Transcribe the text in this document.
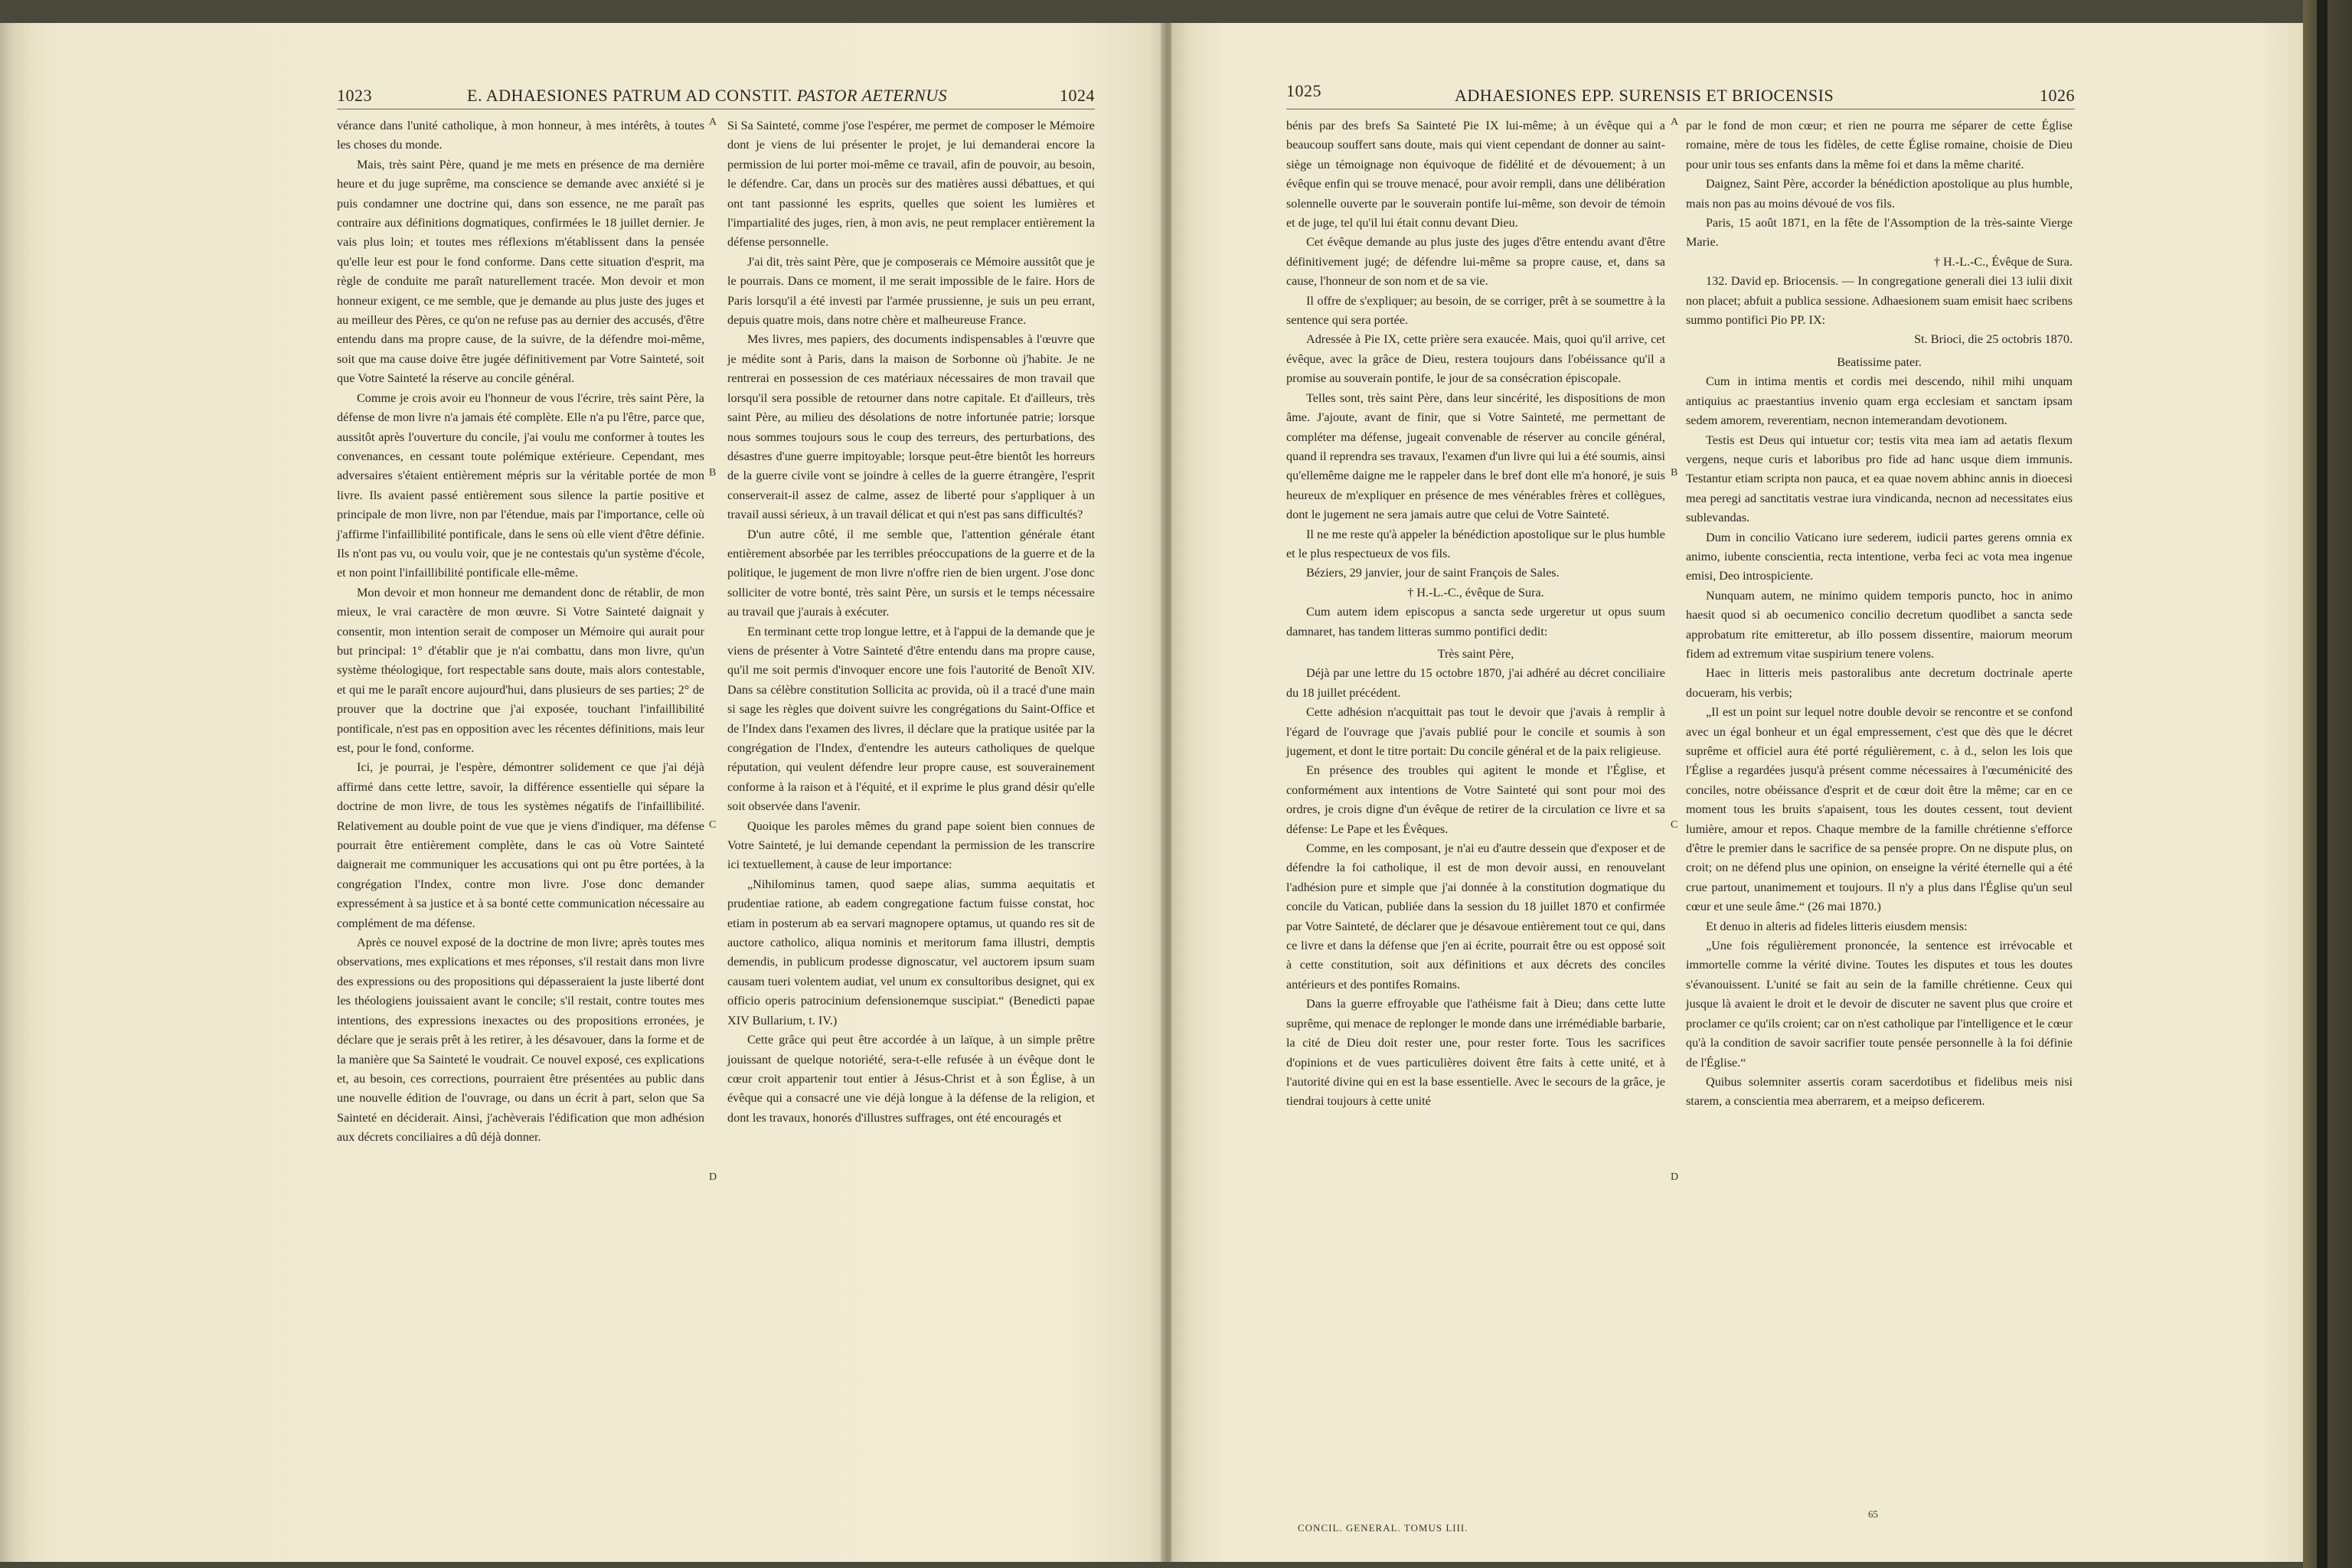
1023	E. ADHAESIONES PATRUM AD CONSTIT. PASTOR AETERNUS	1024

vérance dans l'unité catholique, à mon honneur, à mes intérêts, à toutes les choses du monde.

Mais, très saint Père, quand je me mets en présence de ma dernière heure et du juge suprême, ma conscience se demande avec anxiété si je puis condamner une doctrine qui, dans son essence, ne me paraît pas contraire aux définitions dogmatiques, confirmées le 18 juillet dernier. Je vais plus loin; et toutes mes réflexions m'établissent dans la pensée qu'elle leur est pour le fond conforme. Dans cette situation d'esprit, ma règle de conduite me paraît naturellement tracée. Mon devoir et mon honneur exigent, ce me semble, que je demande au plus juste des juges et au meilleur des Pères, ce qu'on ne refuse pas au dernier des accusés, d'être entendu dans ma propre cause, de la suivre, de la défendre moi-même, soit que ma cause doive être jugée définitivement par Votre Sainteté, soit que Votre Sainteté la réserve au concile général.

Comme je crois avoir eu l'honneur de vous l'écrire, très saint Père, la défense de mon livre n'a jamais été complète. Elle n'a pu l'être, parce que, aussitôt après l'ouverture du concile, j'ai voulu me conformer à toutes les convenances, en cessant toute polémique extérieure. Cependant, mes adversaires s'étaient entièrement mépris sur la véritable portée de mon livre. Ils avaient passé entièrement sous silence la partie positive et principale de mon livre, non par l'étendue, mais par l'importance, celle où j'affirme l'infaillibilité pontificale, dans le sens où elle vient d'être définie. Ils n'ont pas vu, ou voulu voir, que je ne contestais qu'un système d'école, et non point l'infaillibilité pontificale elle-même.

Mon devoir et mon honneur me demandent donc de rétablir, de mon mieux, le vrai caractère de mon œuvre. Si Votre Sainteté daignait y consentir, mon intention serait de composer un Mémoire qui aurait pour but principal: 1° d'établir que je n'ai combattu, dans mon livre, qu'un système théologique, fort respectable sans doute, mais alors contestable, et qui me le paraît encore aujourd'hui, dans plusieurs de ses parties; 2° de prouver que la doctrine que j'ai exposée, touchant l'infaillibilité pontificale, n'est pas en opposition avec les récentes définitions, mais leur est, pour le fond, conforme.

Ici, je pourrai, je l'espère, démontrer solidement ce que j'ai déjà affirmé dans cette lettre, savoir, la différence essentielle qui sépare la doctrine de mon livre, de tous les systèmes négatifs de l'infaillibilité. Relativement au double point de vue que je viens d'indiquer, ma défense pourrait être entièrement complète, dans le cas où Votre Sainteté daignerait me communiquer les accusations qui ont pu être portées, à la congrégation l'Index, contre mon livre. J'ose donc demander expressément à sa justice et à sa bonté cette communication nécessaire au complément de ma défense.

Après ce nouvel exposé de la doctrine de mon livre; après toutes mes observations, mes explications et mes réponses, s'il restait dans mon livre des expressions ou des propositions qui dépasseraient la juste liberté dont les théologiens jouissaient avant le concile; s'il restait, contre toutes mes intentions, des expressions inexactes ou des propositions erronées, je déclare que je serais prêt à les retirer, à les désavouer, dans la forme et de la manière que Sa Sainteté le voudrait. Ce nouvel exposé, ces explications et, au besoin, ces corrections, pourraient être présentées au public dans une nouvelle édition de l'ouvrage, ou dans un écrit à part, selon que Sa Sainteté en déciderait. Ainsi, j'achèverais l'édification que mon adhésion aux décrets conciliaires a dû déjà donner.

Si Sa Sainteté, comme j'ose l'espérer, me permet de composer le Mémoire dont je viens de lui présenter le projet, je lui demanderai encore la permission de lui porter moi-même ce travail, afin de pouvoir, au besoin, le défendre. Car, dans un procès sur des matières aussi débattues, et qui ont tant passionné les esprits, quelles que soient les lumières et l'impartialité des juges, rien, à mon avis, ne peut remplacer entièrement la défense personnelle.

J'ai dit, très saint Père, que je composerais ce Mémoire aussitôt que je le pourrais. Dans ce moment, il me serait impossible de le faire. Hors de Paris lorsqu'il a été investi par l'armée prussienne, je suis un peu errant, depuis quatre mois, dans notre chère et malheureuse France.

Mes livres, mes papiers, des documents indispensables à l'œuvre que je médite sont à Paris, dans la maison de Sorbonne où j'habite. Je ne rentrerai en possession de ces matériaux nécessaires de mon travail que lorsqu'il sera possible de retourner dans notre capitale. Et d'ailleurs, très saint Père, au milieu des désolations de notre infortunée patrie; lorsque nous sommes toujours sous le coup des terreurs, des perturbations, des désastres d'une guerre impitoyable; lorsque peut-être bientôt les horreurs de la guerre civile vont se joindre à celles de la guerre étrangère, l'esprit conserverait-il assez de calme, assez de liberté pour s'appliquer à un travail aussi sérieux, à un travail délicat et qui n'est pas sans difficultés?

D'un autre côté, il me semble que, l'attention générale étant entièrement absorbée par les terribles préoccupations de la guerre et de la politique, le jugement de mon livre n'offre rien de bien urgent. J'ose donc solliciter de votre bonté, très saint Père, un sursis et le temps nécessaire au travail que j'aurais à exécuter.

En terminant cette trop longue lettre, et à l'appui de la demande que je viens de présenter à Votre Sainteté d'être entendu dans ma propre cause, qu'il me soit permis d'invoquer encore une fois l'autorité de Benoît XIV. Dans sa célèbre constitution Sollicita ac provida, où il a tracé d'une main si sage les règles que doivent suivre les congrégations du Saint-Office et de l'Index dans l'examen des livres, il déclare que la pratique usitée par la congrégation de l'Index, d'entendre les auteurs catholiques de quelque réputation, qui veulent défendre leur propre cause, est souverainement conforme à la raison et à l'équité, et il exprime le plus grand désir qu'elle soit observée dans l'avenir.

Quoique les paroles mêmes du grand pape soient bien connues de Votre Sainteté, je lui demande cependant la permission de les transcrire ici textuellement, à cause de leur importance:

„Nihilominus tamen, quod saepe alias, summa aequitatis et prudentiae ratione, ab eadem congregatione factum fuisse constat, hoc etiam in posterum ab ea servari magnopere optamus, ut quando res sit de auctore catholico, aliqua nominis et meritorum fama illustri, demptis demendis, in publicum prodesse dignoscatur, vel auctorem ipsum suam causam tueri volentem audiat, vel unum ex consultoribus designet, qui ex officio operis patrocinium defensionemque suscipiat.“ (Benedicti papae XIV Bullarium, t. IV.)

Cette grâce qui peut être accordée à un laïque, à un simple prêtre jouissant de quelque notoriété, sera-t-elle refusée à un évêque dont le cœur croit appartenir tout entier à Jésus-Christ et à son Église, à un évêque qui a consacré une vie déjà longue à la défense de la religion, et dont les travaux, honorés d'illustres suffrages, ont été encouragés et

A
B
C
D
1025	ADHAESIONES EPP. SURENSIS ET BRIOCENSIS	1026

bénis par des brefs Sa Sainteté Pie IX lui-même; à un évêque qui a beaucoup souffert sans doute, mais qui vient cependant de donner au saint-siège un témoignage non équivoque de fidélité et de dévouement; à un évêque enfin qui se trouve menacé, pour avoir rempli, dans une délibération solennelle ouverte par le souverain pontife lui-même, son devoir de témoin et de juge, tel qu'il lui était connu devant Dieu.

Cet évêque demande au plus juste des juges d'être entendu avant d'être définitivement jugé; de défendre lui-même sa propre cause, et, dans sa cause, l'honneur de son nom et de sa vie.

Il offre de s'expliquer; au besoin, de se corriger, prêt à se soumettre à la sentence qui sera portée.

Adressée à Pie IX, cette prière sera exaucée. Mais, quoi qu'il arrive, cet évêque, avec la grâce de Dieu, restera toujours dans l'obéissance qu'il a promise au souverain pontife, le jour de sa consécration épiscopale.

Telles sont, très saint Père, dans leur sincérité, les dispositions de mon âme. J'ajoute, avant de finir, que si Votre Sainteté, me permettant de compléter ma défense, jugeait convenable de réserver au concile général, quand il reprendra ses travaux, l'examen d'un livre qui lui a été soumis, ainsi qu'ellemême daigne me le rappeler dans le bref dont elle m'a honoré, je suis heureux de m'expliquer en présence de mes vénérables frères et collègues, dont le jugement ne sera jamais autre que celui de Votre Sainteté.

Il ne me reste qu'à appeler la bénédiction apostolique sur le plus humble et le plus respectueux de vos fils.

Béziers, 29 janvier, jour de saint François de Sales.

† H.-L.-C., évêque de Sura.

Cum autem idem episcopus a sancta sede urgeretur ut opus suum damnaret, has tandem litteras summo pontifici dedit:

Très saint Père,

Déjà par une lettre du 15 octobre 1870, j'ai adhéré au décret conciliaire du 18 juillet précédent.

Cette adhésion n'acquittait pas tout le devoir que j'avais à remplir à l'égard de l'ouvrage que j'avais publié pour le concile et soumis à son jugement, et dont le titre portait: Du concile général et de la paix religieuse.

En présence des troubles qui agitent le monde et l'Église, et conformément aux intentions de Votre Sainteté qui sont pour moi des ordres, je crois digne d'un évêque de retirer de la circulation ce livre et sa défense: Le Pape et les Évêques.

Comme, en les composant, je n'ai eu d'autre dessein que d'exposer et de défendre la foi catholique, il est de mon devoir aussi, en renouvelant l'adhésion pure et simple que j'ai donnée à la constitution dogmatique du concile du Vatican, publiée dans la session du 18 juillet 1870 et confirmée par Votre Sainteté, de déclarer que je désavoue entièrement tout ce qui, dans ce livre et dans la défense que j'en ai écrite, pourrait être ou est opposé soit à cette constitution, soit aux définitions et aux décrets des conciles antérieurs et des pontifes Romains.

Dans la guerre effroyable que l'athéisme fait à Dieu; dans cette lutte suprême, qui menace de replonger le monde dans une irrémédiable barbarie, la cité de Dieu doit rester une, pour rester forte. Tous les sacrifices d'opinions et de vues particulières doivent être faits à cette unité, et à l'autorité divine qui en est la base essentielle. Avec le secours de la grâce, je tiendrai toujours à cette unité

par le fond de mon cœur; et rien ne pourra me séparer de cette Église romaine, mère de tous les fidèles, de cette Église romaine, choisie de Dieu pour unir tous ses enfants dans la même foi et dans la même charité.

Daignez, Saint Père, accorder la bénédiction apostolique au plus humble, mais non pas au moins dévoué de vos fils.

Paris, 15 août 1871, en la fête de l'Assomption de la très-sainte Vierge Marie.

† H.-L.-C., Évêque de Sura.

132. David ep. Briocensis. — In congregatione generali diei 13 iulii dixit non placet; abfuit a publica sessione. Adhaesionem suam emisit haec scribens summo pontifici Pio PP. IX:

St. Brioci, die 25 octobris 1870.

Beatissime pater.

Cum in intima mentis et cordis mei descendo, nihil mihi unquam antiquius ac praestantius invenio quam erga ecclesiam et sanctam ipsam sedem amorem, reverentiam, necnon intemerandam devotionem.

Testis est Deus qui intuetur cor; testis vita mea iam ad aetatis flexum vergens, neque curis et laboribus pro fide ad hanc usque diem immunis. Testantur etiam scripta non pauca, et ea quae novem abhinc annis in dioecesi mea peregi ad sanctitatis vestrae iura vindicanda, necnon ad necessitates eius sublevandas.

Dum in concilio Vaticano iure sederem, iudicii partes gerens omnia ex animo, iubente conscientia, recta intentione, verba feci ac vota mea ingenue emisi, Deo introspiciente.

Nunquam autem, ne minimo quidem temporis puncto, hoc in animo haesit quod si ab oecumenico concilio decretum quodlibet a sancta sede approbatum rite emitteretur, ab illo possem dissentire, maiorum meorum fidem ad extremum vitae suspirium tenere volens.

Haec in litteris meis pastoralibus ante decretum doctrinale aperte docueram, his verbis;

„Il est un point sur lequel notre double devoir se rencontre et se confond avec un égal bonheur et un égal empressement, c'est que dès que le décret suprême et officiel aura été porté régulièrement, c. à d., selon les lois que l'Église a regardées jusqu'à présent comme nécessaires à l'œcuménicité des conciles, notre obéissance d'esprit et de cœur doit être la même; car en ce moment tous les bruits s'apaisent, tous les doutes cessent, tout devient lumière, amour et repos. Chaque membre de la famille chrétienne s'efforce d'être le premier dans le sacrifice de sa pensée propre. On ne dispute plus, on croit; on ne défend plus une opinion, on enseigne la vérité éternelle qui a été crue partout, unanimement et toujours. Il n'y a plus dans l'Église qu'un seul cœur et une seule âme.“ (26 mai 1870.)

Et denuo in alteris ad fideles litteris eiusdem mensis:

„Une fois régulièrement prononcée, la sentence est irrévocable et immortelle comme la vérité divine. Toutes les disputes et tous les doutes s'évanouissent. L'unité se fait au sein de la famille chrétienne. Ceux qui jusque là avaient le droit et le devoir de discuter ne savent plus que croire et proclamer ce qu'ils croient; car on n'est catholique par l'intelligence et le cœur qu'à la condition de savoir sacrifier toute pensée personnelle à la foi définie de l'Église.“

Quibus solemniter assertis coram sacerdotibus et fidelibus meis nisi starem, a conscientia mea aberrarem, et a meipso deficerem.

A
B
C
D
CONCIL. GENERAL. TOMUS LIII.
65
